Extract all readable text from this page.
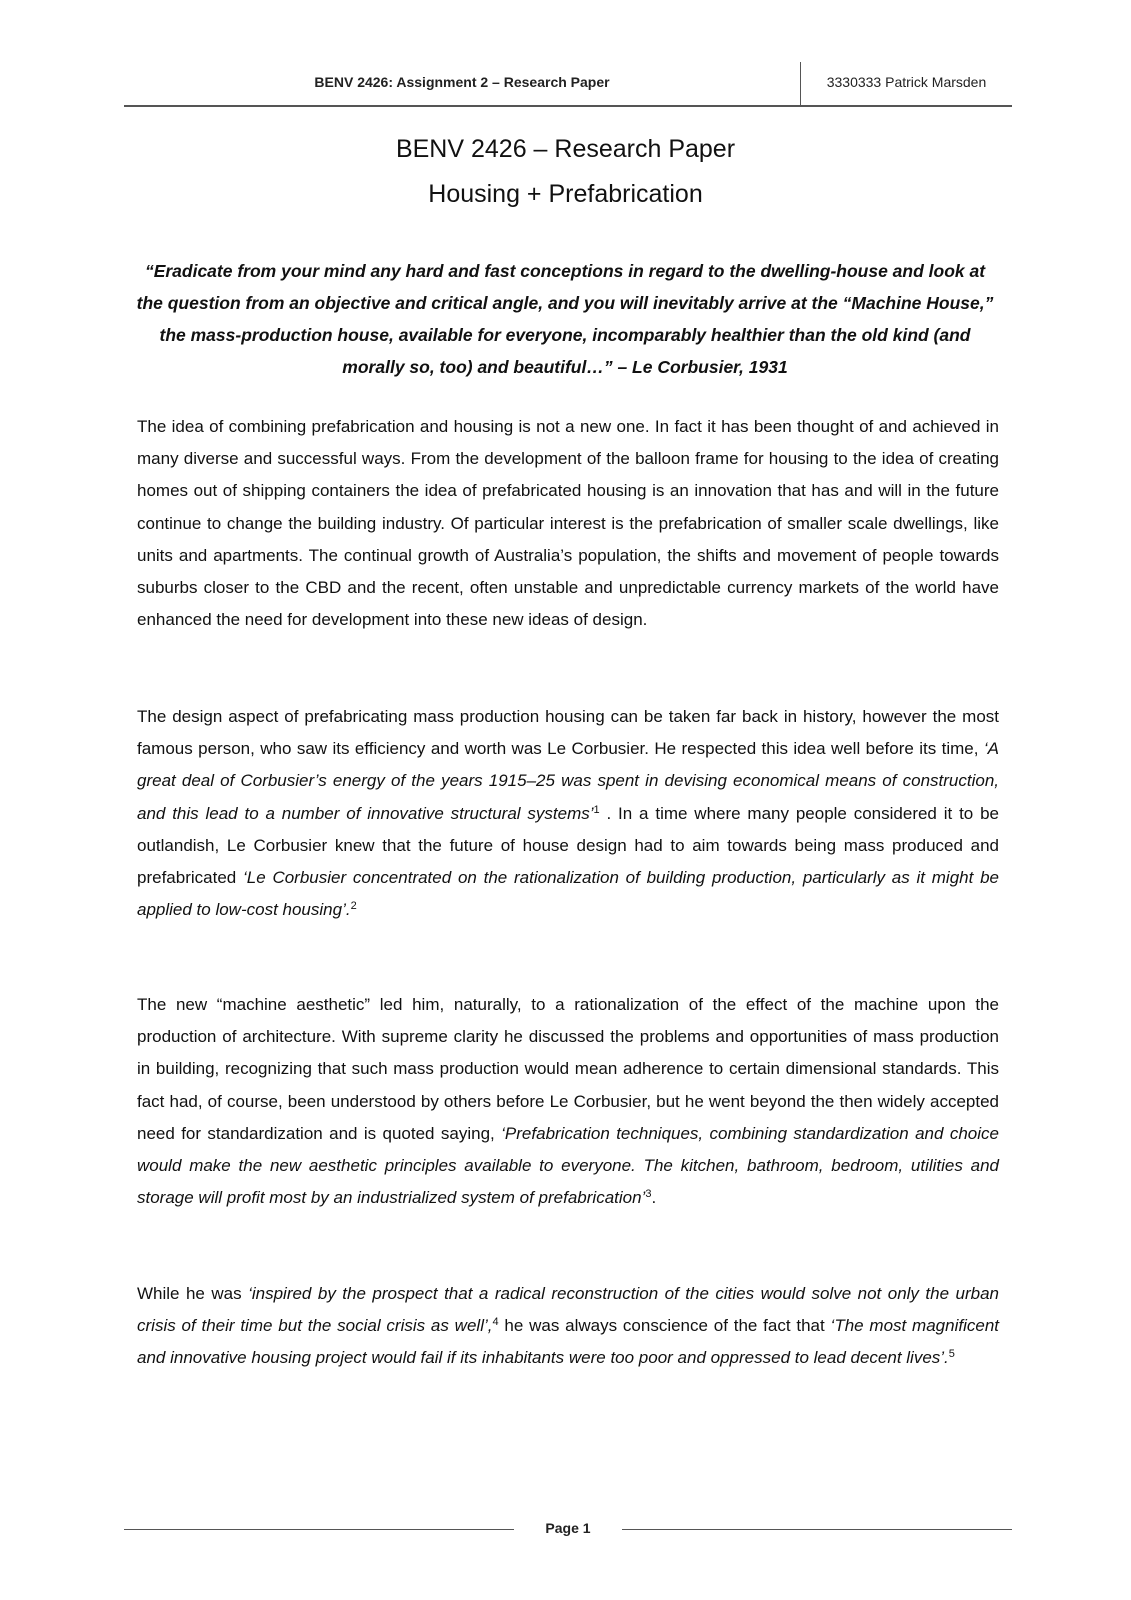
BENV 2426: Assignment 2 – Research Paper	3330333 Patrick Marsden
BENV 2426 – Research Paper
Housing + Prefabrication
“Eradicate from your mind any hard and fast conceptions in regard to the dwelling-house and look at the question from an objective and critical angle, and you will inevitably arrive at the “Machine House,” the mass-production house, available for everyone, incomparably healthier than the old kind (and morally so, too) and beautiful…” – Le Corbusier, 1931
The idea of combining prefabrication and housing is not a new one. In fact it has been thought of and achieved in many diverse and successful ways. From the development of the balloon frame for housing to the idea of creating homes out of shipping containers the idea of prefabricated housing is an innovation that has and will in the future continue to change the building industry. Of particular interest is the prefabrication of smaller scale dwellings, like units and apartments. The continual growth of Australia’s population, the shifts and movement of people towards suburbs closer to the CBD and the recent, often unstable and unpredictable currency markets of the world have enhanced the need for development into these new ideas of design.
The design aspect of prefabricating mass production housing can be taken far back in history, however the most famous person, who saw its efficiency and worth was Le Corbusier. He respected this idea well before its time, ‘A great deal of Corbusier’s energy of the years 1915–25 was spent in devising economical means of construction, and this lead to a number of innovative structural systems’$^1$ . In a time where many people considered it to be outlandish, Le Corbusier knew that the future of house design had to aim towards being mass produced and prefabricated ‘Le Corbusier concentrated on the rationalization of building production, particularly as it might be applied to low-cost housing’.$^2$
The new “machine aesthetic” led him, naturally, to a rationalization of the effect of the machine upon the production of architecture. With supreme clarity he discussed the problems and opportunities of mass production in building, recognizing that such mass production would mean adherence to certain dimensional standards. This fact had, of course, been understood by others before Le Corbusier, but he went beyond the then widely accepted need for standardization and is quoted saying, ‘Prefabrication techniques, combining standardization and choice would make the new aesthetic principles available to everyone. The kitchen, bathroom, bedroom, utilities and storage will profit most by an industrialized system of prefabrication’$^3$.
While he was ‘inspired by the prospect that a radical reconstruction of the cities would solve not only the urban crisis of their time but the social crisis as well’,$^4$ he was always conscience of the fact that ‘The most magnificent and innovative housing project would fail if its inhabitants were too poor and oppressed to lead decent lives’.$^5$
Page 1
